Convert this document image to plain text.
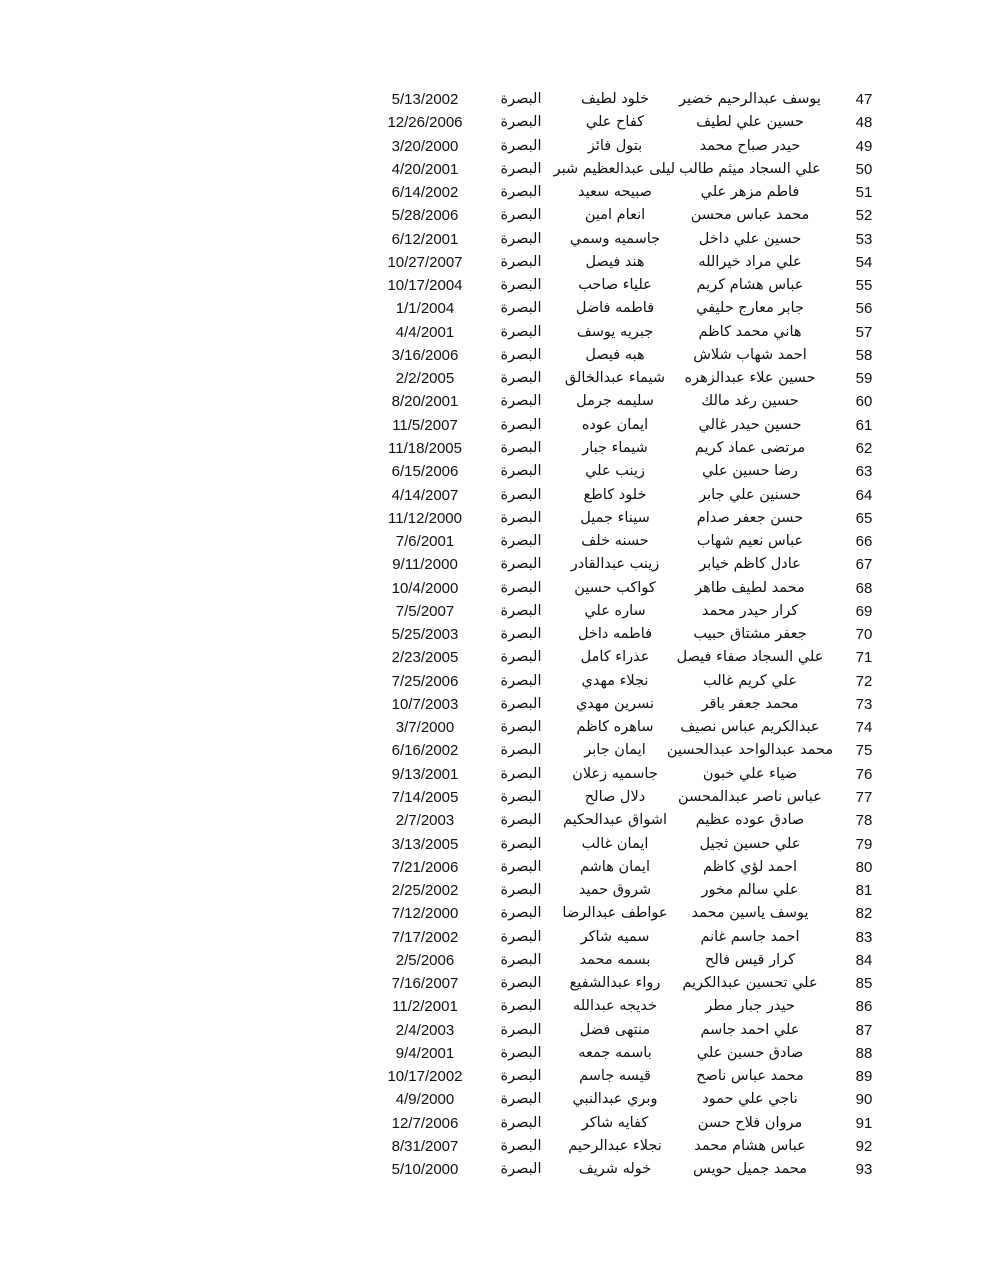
47
يوسف عبدالرحيم خضير
خلود لطيف
البصرة
5/13/2002
48
حسين علي لطيف
كفاح علي
البصرة
12/26/2006
49
حيدر صباح محمد
بتول فائز
البصرة
3/20/2000
50
علي السجاد ميثم طالب
ليلى عبدالعظيم شبر
البصرة
4/20/2001
51
فاطم مزهر علي
صبيحه سعيد
البصرة
6/14/2002
52
محمد عباس محسن
انعام امين
البصرة
5/28/2006
53
حسين علي داخل
جاسميه وسمي
البصرة
6/12/2001
54
علي مراد خيرالله
هند فيصل
البصرة
10/27/2007
55
عباس هشام كريم
علياء صاحب
البصرة
10/17/2004
56
جابر معارج حليفي
فاطمه فاضل
البصرة
1/1/2004
57
هاني محمد كاظم
جبريه يوسف
البصرة
4/4/2001
58
احمد شهاب شلاش
هبه فيصل
البصرة
3/16/2006
59
حسين علاء عبدالزهره
شيماء عبدالخالق
البصرة
2/2/2005
60
حسين رغد مالك
سليمه جرمل
البصرة
8/20/2001
61
حسين حيدر غالي
ايمان عوده
البصرة
11/5/2007
62
مرتضى عماد كريم
شيماء جبار
البصرة
11/18/2005
63
رضا حسين علي
زينب علي
البصرة
6/15/2006
64
حسنين علي جابر
خلود كاطع
البصرة
4/14/2007
65
حسن جعفر صدام
سيناء جميل
البصرة
11/12/2000
66
عباس نعيم شهاب
حسنه خلف
البصرة
7/6/2001
67
عادل كاظم خيابر
زينب عبدالقادر
البصرة
9/11/2000
68
محمد لطيف طاهر
كواكب حسين
البصرة
10/4/2000
69
كرار حيدر محمد
ساره علي
البصرة
7/5/2007
70
جعفر مشتاق حبيب
فاطمه داخل
البصرة
5/25/2003
71
علي السجاد صفاء فيصل
عذراء كامل
البصرة
2/23/2005
72
علي كريم غالب
نجلاء مهدي
البصرة
7/25/2006
73
محمد جعفر باقر
نسرين مهدي
البصرة
10/7/2003
74
عبدالكريم عباس نصيف
ساهره كاظم
البصرة
3/7/2000
75
محمد عبدالواحد عبدالحسين
ايمان جابر
البصرة
6/16/2002
76
ضياء علي خبون
جاسميه زعلان
البصرة
9/13/2001
77
عباس ناصر عبدالمحسن
دلال صالح
البصرة
7/14/2005
78
صادق عوده عظيم
اشواق عبدالحكيم
البصرة
2/7/2003
79
علي حسين ثجيل
ايمان غالب
البصرة
3/13/2005
80
احمد لؤي كاظم
ايمان هاشم
البصرة
7/21/2006
81
علي سالم مخور
شروق حميد
البصرة
2/25/2002
82
يوسف ياسين محمد
عواطف عبدالرضا
البصرة
7/12/2000
83
احمد جاسم غانم
سميه شاكر
البصرة
7/17/2002
84
كرار قيس فالح
بسمه محمد
البصرة
2/5/2006
85
علي تحسين عبدالكريم
رواء عبدالشفيع
البصرة
7/16/2007
86
حيدر جبار مطر
خديجه عبدالله
البصرة
11/2/2001
87
علي احمد جاسم
منتهى فضل
البصرة
2/4/2003
88
صادق حسين علي
باسمه جمعه
البصرة
9/4/2001
89
محمد عباس ناصح
قيسه جاسم
البصرة
10/17/2002
90
ناجي علي حمود
وبري عبدالنبي
البصرة
4/9/2000
91
مروان فلاح حسن
كفايه شاكر
البصرة
12/7/2006
92
عباس هشام محمد
نجلاء عبدالرحيم
البصرة
8/31/2007
93
محمد جميل حويس
خوله شريف
البصرة
5/10/2000
